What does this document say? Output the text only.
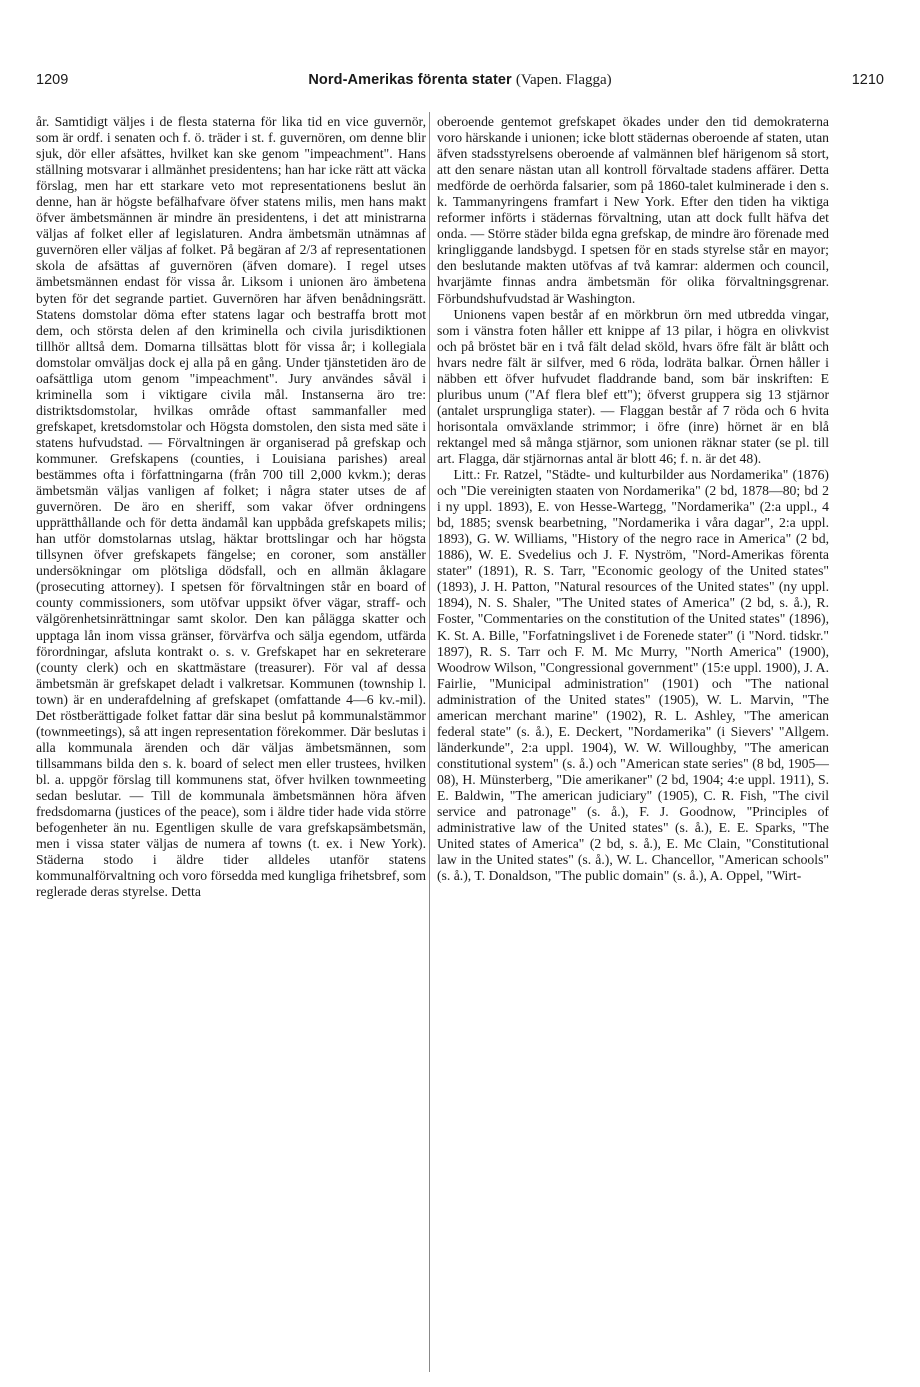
1209	Nord-Amerikas förenta stater (Vapen. Flagga)	1210

år. Samtidigt väljes i de flesta staterna för lika tid en vice guvernör, som är ordf. i senaten och f. ö. träder i st. f. guvernören, om denne blir sjuk, dör eller afsättes, hvilket kan ske genom "impeachment". Hans ställning motsvarar i allmänhet presidentens; han har icke rätt att väcka förslag, men har ett starkare veto mot representationens beslut än denne, han är högste befälhafvare öfver statens milis, men hans makt öfver ämbetsmännen är mindre än presidentens, i det att ministrarna väljas af folket eller af legislaturen. Andra ämbetsmän utnämnas af guvernören eller väljas af folket. På begäran af 2/3 af representationen skola de afsättas af guvernören (äfven domare). I regel utses ämbetsmännen endast för vissa år. Liksom i unionen äro ämbetena byten för det segrande partiet. Guvernören har äfven benådningsrätt. Statens domstolar döma efter statens lagar och bestraffa brott mot dem, och största delen af den kriminella och civila jurisdiktionen tillhör alltså dem. Domarna tillsättas blott för vissa år; i kollegiala domstolar omväljas dock ej alla på en gång. Under tjänstetiden äro de oafsättliga utom genom "impeachment". Jury användes såväl i kriminella som i viktigare civila mål. Instanserna äro tre: distriktsdomstolar, hvilkas område oftast sammanfaller med grefskapet, kretsdomstolar och Högsta domstolen, den sista med säte i statens hufvudstad. — Förvaltningen är organiserad på grefskap och kommuner. Grefskapens (counties, i Louisiana parishes) areal bestämmes ofta i författningarna (från 700 till 2,000 kvkm.); deras ämbetsmän väljas vanligen af folket; i några stater utses de af guvernören. De äro en sheriff, som vakar öfver ordningens upprätthållande och för detta ändamål kan uppbåda grefskapets milis; han utför domstolarnas utslag, häktar brottslingar och har högsta tillsynen öfver grefskapets fängelse; en coroner, som anställer undersökningar om plötsliga dödsfall, och en allmän åklagare (prosecuting attorney). I spetsen för förvaltningen står en board of county commissioners, som utöfvar uppsikt öfver vägar, straff- och välgörenhetsinrättningar samt skolor. Den kan pålägga skatter och upptaga lån inom vissa gränser, förvärfva och sälja egendom, utfärda förordningar, afsluta kontrakt o. s. v. Grefskapet har en sekreterare (county clerk) och en skattmästare (treasurer). För val af dessa ämbetsmän är grefskapet deladt i valkretsar. Kommunen (township l. town) är en underafdelning af grefskapet (omfattande 4—6 kv.-mil). Det röstberättigade folket fattar där sina beslut på kommunalstämmor (townmeetings), så att ingen representation förekommer. Där beslutas i alla kommunala ärenden och där väljas ämbetsmännen, som tillsammans bilda den s. k. board of select men eller trustees, hvilken bl. a. uppgör förslag till kommunens stat, öfver hvilken townmeeting sedan beslutar. — Till de kommunala ämbetsmännen höra äfven fredsdomarna (justices of the peace), som i äldre tider hade vida större befogenheter än nu. Egentligen skulle de vara grefskapsämbetsmän, men i vissa stater väljas de numera af towns (t. ex. i New York). Städerna stodo i äldre tider alldeles utanför statens kommunalförvaltning och voro försedda med kungliga frihetsbref, som reglerade deras styrelse. Detta

oberoende gentemot grefskapet ökades under den tid demokraterna voro härskande i unionen; icke blott städernas oberoende af staten, utan äfven stadsstyrelsens oberoende af valmännen blef härigenom så stort, att den senare nästan utan all kontroll förvaltade stadens affärer. Detta medförde de oerhörda falsarier, som på 1860-talet kulminerade i den s. k. Tammanyringens framfart i New York. Efter den tiden ha viktiga reformer införts i städernas förvaltning, utan att dock fullt häfva det onda. — Större städer bilda egna grefskap, de mindre äro förenade med kringliggande landsbygd. I spetsen för en stads styrelse står en mayor; den beslutande makten utöfvas af två kamrar: aldermen och council, hvarjämte finnas andra ämbetsmän för olika förvaltningsgrenar. Förbundshufvudstad är Washington.

Unionens vapen består af en mörkbrun örn med utbredda vingar, som i vänstra foten håller ett knippe af 13 pilar, i högra en olivkvist och på bröstet bär en i två fält delad sköld, hvars öfre fält är blått och hvars nedre fält är silfver, med 6 röda, lodräta balkar. Örnen håller i näbben ett öfver hufvudet fladdrande band, som bär inskriften: E pluribus unum ("Af flera blef ett"); öfverst gruppera sig 13 stjärnor (antalet ursprungliga stater). — Flaggan består af 7 röda och 6 hvita horisontala omväxlande strimmor; i öfre (inre) hörnet är en blå rektangel med så många stjärnor, som unionen räknar stater (se pl. till art. Flagga, där stjärnornas antal är blott 46; f. n. är det 48).

Litt.: Fr. Ratzel, "Städte- und kulturbilder aus Nordamerika" (1876) och "Die vereinigten staaten von Nordamerika" (2 bd, 1878—80; bd 2 i ny uppl. 1893), E. von Hesse-Wartegg, "Nordamerika" (2:a uppl., 4 bd, 1885; svensk bearbetning, "Nordamerika i våra dagar", 2:a uppl. 1893), G. W. Williams, "History of the negro race in America" (2 bd, 1886), W. E. Svedelius och J. F. Nyström, "Nord-Amerikas förenta stater" (1891), R. S. Tarr, "Economic geology of the United states" (1893), J. H. Patton, "Natural resources of the United states" (ny uppl. 1894), N. S. Shaler, "The United states of America" (2 bd, s. å.), R. Foster, "Commentaries on the constitution of the United states" (1896), K. St. A. Bille, "Forfatningslivet i de Forenede stater" (i "Nord. tidskr." 1897), R. S. Tarr och F. M. Mc Murry, "North America" (1900), Woodrow Wilson, "Congressional government" (15:e uppl. 1900), J. A. Fairlie, "Municipal administration" (1901) och "The national administration of the United states" (1905), W. L. Marvin, "The american merchant marine" (1902), R. L. Ashley, "The american federal state" (s. å.), E. Deckert, "Nordamerika" (i Sievers' "Allgem. länderkunde", 2:a uppl. 1904), W. W. Willoughby, "The american constitutional system" (s. å.) och "American state series" (8 bd, 1905—08), H. Münsterberg, "Die amerikaner" (2 bd, 1904; 4:e uppl. 1911), S. E. Baldwin, "The american judiciary" (1905), C. R. Fish, "The civil service and patronage" (s. å.), F. J. Goodnow, "Principles of administrative law of the United states" (s. å.), E. E. Sparks, "The United states of America" (2 bd, s. å.), E. Mc Clain, "Constitutional law in the United states" (s. å.), W. L. Chancellor, "American schools" (s. å.), T. Donaldson, "The public domain" (s. å.), A. Oppel, "Wirt-
